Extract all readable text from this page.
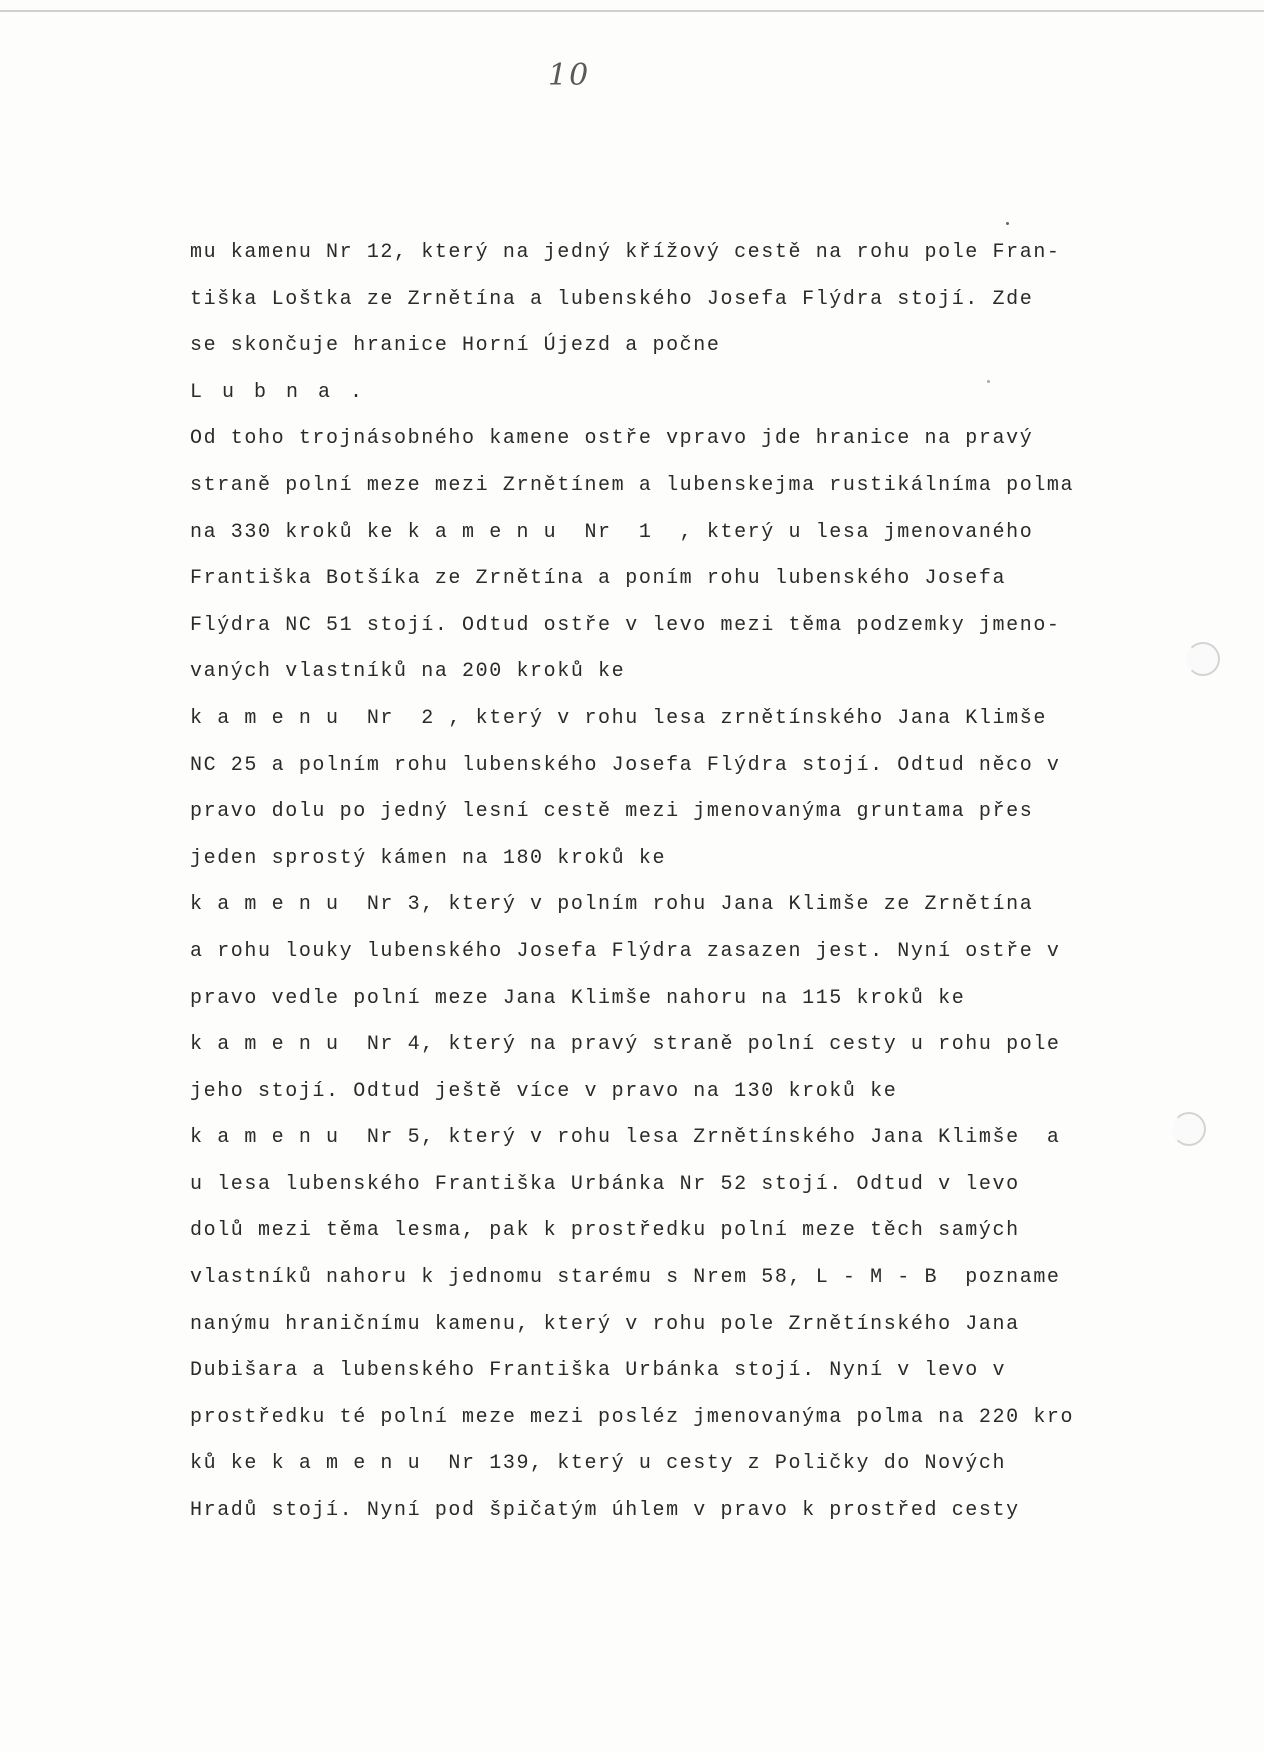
10
mu kamenu Nr 12, který na jedný křížový cestě na rohu pole Fran-
tiška Loštka ze Zrnětína a lubenského Josefa Flýdra stojí. Zde
se skončuje hranice Horní Újezd a počne
L u b n a .
Od toho trojnásobného kamene ostře vpravo jde hranice na pravý
straně polní meze mezi Zrnětínem a lubenskejma rustikálníma polma
na 330 kroků ke k a m e n u  Nr  1  , který u lesa jmenovaného
Františka Botšíka ze Zrnětína a poním rohu lubenského Josefa
Flýdra NC 51 stojí. Odtud ostře v levo mezi těma podzemky jmeno-
vaných vlastníků na 200 kroků ke
k a m e n u  Nr  2 , který v rohu lesa zrnětínského Jana Klimše
NC 25 a polním rohu lubenského Josefa Flýdra stojí. Odtud něco v
pravo dolu po jedný lesní cestě mezi jmenovanýma gruntama přes
jeden sprostý kámen na 180 kroků ke
k a m e n u  Nr 3, který v polním rohu Jana Klimše ze Zrnětína
a rohu louky lubenského Josefa Flýdra zasazen jest. Nyní ostře v
pravo vedle polní meze Jana Klimše nahoru na 115 kroků ke
k a m e n u  Nr 4, který na pravý straně polní cesty u rohu pole
jeho stojí. Odtud ještě více v pravo na 130 kroků ke
k a m e n u  Nr 5, který v rohu lesa Zrnětínského Jana Klimše  a
u lesa lubenského Františka Urbánka Nr 52 stojí. Odtud v levo
dolů mezi těma lesma, pak k prostředku polní meze těch samých
vlastníků nahoru k jednomu starému s Nrem 58, L - M - B  pozname
nanýmu hraničnímu kamenu, který v rohu pole Zrnětínského Jana
Dubišara a lubenského Františka Urbánka stojí. Nyní v levo v
prostředku té polní meze mezi posléz jmenovanýma polma na 220 kro
ků ke k a m e n u  Nr 139, který u cesty z Poličky do Nových
Hradů stojí. Nyní pod špičatým úhlem v pravo k prostřed cesty
